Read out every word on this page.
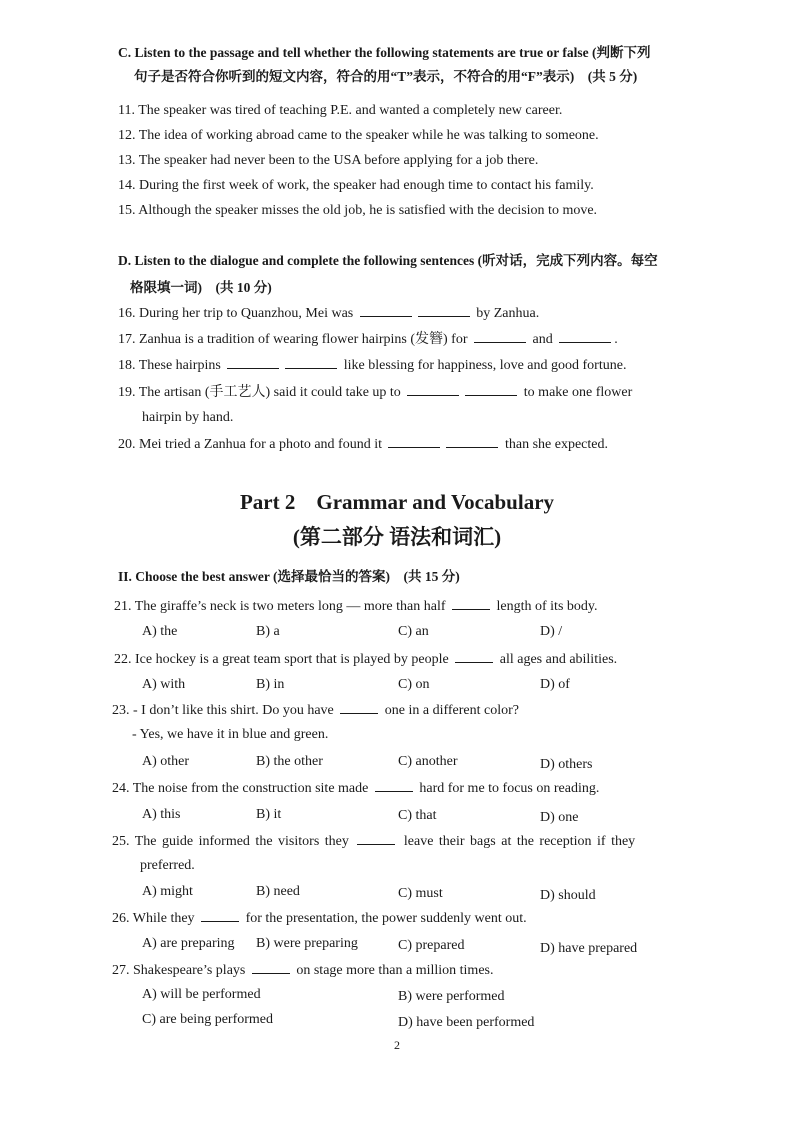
C. Listen to the passage and tell whether the following statements are true or false (判断下列
句子是否符合你听到的短文内容，符合的用“T”表示，不符合的用“F”表示)　(共 5 分)
11. The speaker was tired of teaching P.E. and wanted a completely new career.
12. The idea of working abroad came to the speaker while he was talking to someone.
13. The speaker had never been to the USA before applying for a job there.
14. During the first week of work, the speaker had enough time to contact his family.
15. Although the speaker misses the old job, he is satisfied with the decision to move.
D. Listen to the dialogue and complete the following sentences (听对话，完成下列内容。每空
格限填一词)　(共 10 分)
16. During her trip to Quanzhou, Mei was	by Zanhua.
17. Zanhua is a tradition of wearing flower hairpins (发簪) for	and	.
18. These hairpins	like blessing for happiness, love and good fortune.
19. The artisan (手工艺人) said it could take up to	to make one flower
hairpin by hand.
20. Mei tried a Zanhua for a photo and found it	than she expected.
Part 2　Grammar and Vocabulary
(第二部分 语法和词汇)
II. Choose the best answer (选择最恰当的答案)　(共 15 分)
21. The giraffe’s neck is two meters long — more than half	length of its body.
A) the	B) a	C) an	D) /
22. Ice hockey is a great team sport that is played by people	all ages and abilities.
A) with	B) in	C) on	D) of
23. - I don’t like this shirt. Do you have	one in a different color?
- Yes, we have it in blue and green.
A) other	B) the other	C) another	D) others
24. The noise from the construction site made	hard for me to focus on reading.
A) this	B) it	C) that	D) one
25. The guide informed the visitors they	leave their bags at the reception if they
preferred.
A) might	B) need	C) must	D) should
26. While they	for the presentation, the power suddenly went out.
A) are preparing B) were preparing	C) prepared	D) have prepared
27. Shakespeare’s plays	on stage more than a million times.
A) will be performed	B) were performed
C) are being performed	D) have been performed
2
